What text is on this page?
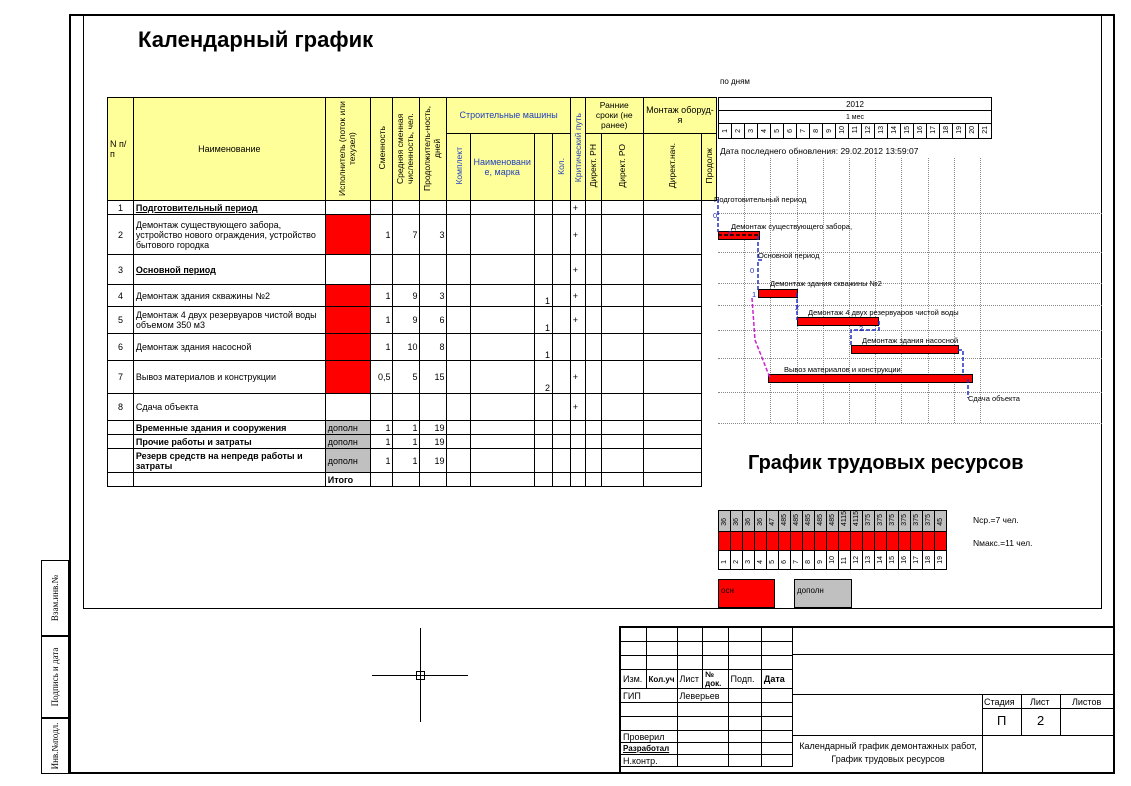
Календарный график
по дням
N п/п	Наименование	Исполнитель (поток или техузел)	Сменность	Средняя сменная численность, чел.	Продолжитель-ность, дней	Строительные машины				Критический путь	Ранние сроки (не ранее)		Монтаж оборуд-я	
						Комплект	Наименовани е, марка		Кол.		Директ. РН	Директ. РО	Директ.нач.	Продолж
1	Подготовительный период									+				
2	Демонтаж существующего забора, устройство нового ограждения, устройство бытового городка		1	7	3					+				
3	Основной период									+				
4	Демонтаж здания скважины №2		1	9	3			1		+				
5	Демонтаж 4 двух резервуаров чистой воды объемом 350 м3		1	9	6			1		+				
6	Демонтаж здания насосной		1	10	8			1						
7	Вывоз материалов и конструкции		0,5	5	15			2		+				
8	Сдача объекта									+				
	Временные здания и сооружения	дополн	1	1	19									
	Прочие работы и затраты	дополн	1	1	19									
	Резерв средств на непредв работы и затраты	дополн	1	1	19									
		Итого												
2012
1 мес
1	2	3	4	5	6	7	8	9	10	11	12	13	14	15	16	17	18	19	20	21
Дата последнего обновления: 29.02.2012 13:59:07
Подготовительный период
Демонтаж существующего забора,
Основной период
Демонтаж здания скважины №2
Демонтаж 4 двух резервуаров чистой воды
Демонтаж здания насосной
Вывоз материалов и конструкции
Сдача объекта
0
0
0
1
2
2
График трудовых ресурсов
36	36	36	36	47	485	485	485	485	485	4115	4115	375	375	375	375	375	375	45

1	2	3	4	5	6	7	8	9	10	11	12	13	14	15	16	17	18	19
Nср.=7 чел.
Nмакс.=11 чел.
осн	дополн
Взам.инв.№
Подпись и дата
Инв.№подл.

Изм.	Кол.уч	Лист	№ док.	Подп.	Дата
ГИП		Леверьев			

Проверил					
Разработал					
Н.контр.					
Стадия Лист Листов
П 2
Календарный график демонтажных работ, График трудовых ресурсов
